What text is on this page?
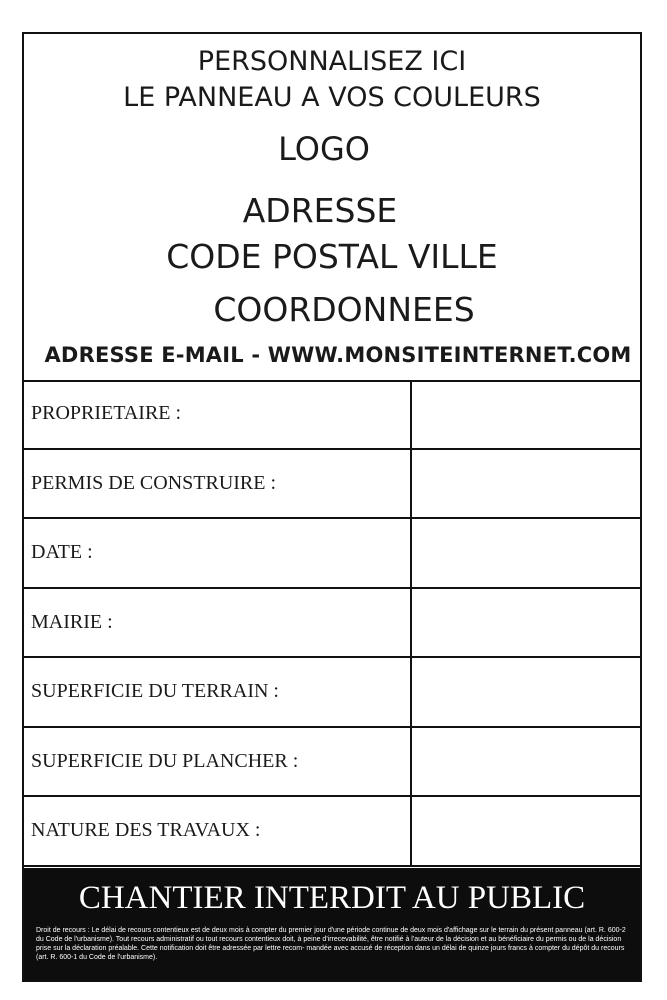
PERSONNALISEZ ICI
LE PANNEAU A VOS COULEURS
LOGO
ADRESSE
CODE POSTAL VILLE
COORDONNEES
ADRESSE E-MAIL - WWW.MONSITEINTERNET.COM
PROPRIETAIRE :
PERMIS DE CONSTRUIRE :
DATE :
MAIRIE :
SUPERFICIE DU TERRAIN :
SUPERFICIE DU PLANCHER :
NATURE DES TRAVAUX :
CHANTIER INTERDIT AU PUBLIC
Droit de recours : Le délai de recours contentieux est de deux mois à compter du premier jour d'une période continue de deux mois d'affichage sur le terrain du présent panneau (art. R. 600-2 du Code de l'urbanisme). Tout recours administratif ou tout recours contentieux doit, à peine d'irrecevabilité, être notifié à l'auteur de la décision et au bénéficiaire du permis ou de la décision prise sur la déclaration préalable. Cette notification doit être adressée par lettre recom- mandée avec accusé de réception dans un délai de quinze jours francs à compter du dépôt du recours (art. R. 600-1 du Code de l'urbanisme).
